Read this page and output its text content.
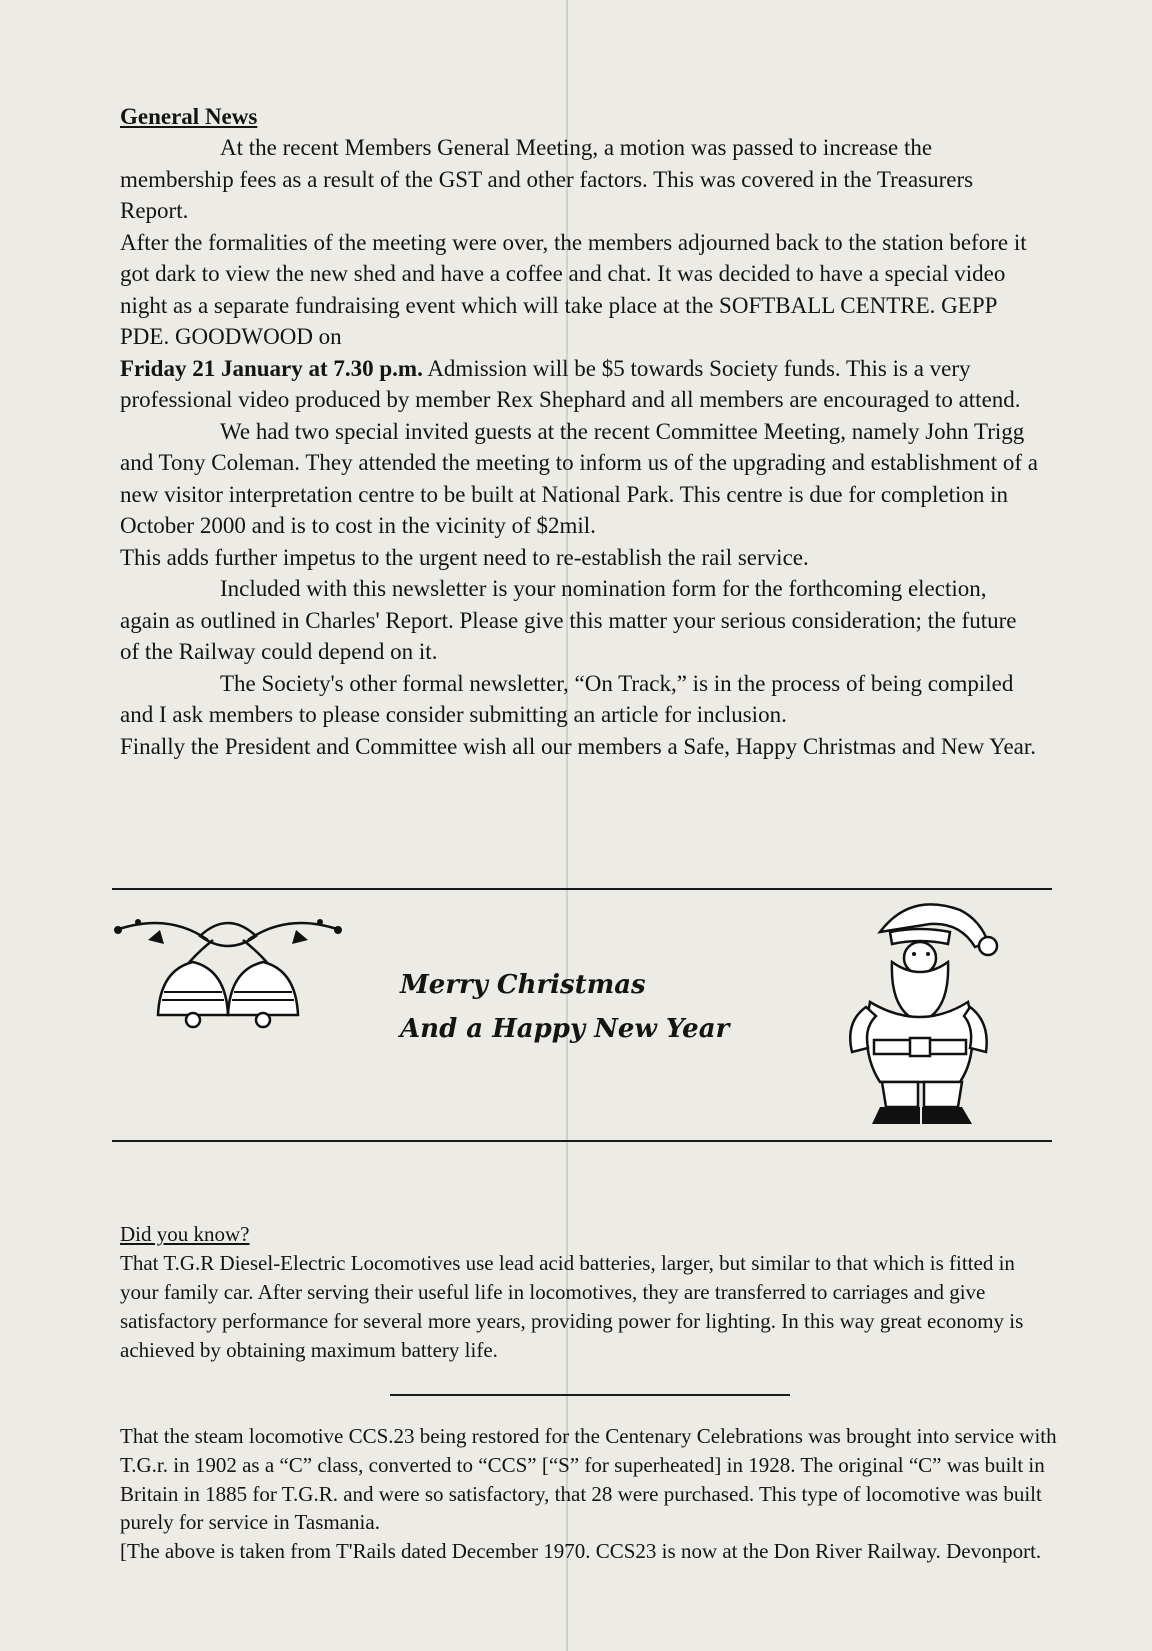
General News

At the recent Members General Meeting, a motion was passed to increase the membership fees as a result of the GST and other factors. This was covered in the Treasurers Report.

After the formalities of the meeting were over, the members adjourned back to the station before it got dark to view the new shed and have a coffee and chat. It was decided to have a special video night as a separate fundraising event which will take place at the SOFTBALL CENTRE. GEPP PDE. GOODWOOD on
Friday 21 January at 7.30 p.m. Admission will be $5 towards Society funds. This is a very professional video produced by member Rex Shephard and all members are encouraged to attend.

We had two special invited guests at the recent Committee Meeting, namely John Trigg and Tony Coleman. They attended the meeting to inform us of the upgrading and establishment of a new visitor interpretation centre to be built at National Park. This centre is due for completion in October 2000 and is to cost in the vicinity of $2mil.

This adds further impetus to the urgent need to re-establish the rail service.

Included with this newsletter is your nomination form for the forthcoming election, again as outlined in Charles' Report. Please give this matter your serious consideration; the future of the Railway could depend on it.

The Society's other formal newsletter, “On Track,” is in the process of being compiled and I ask members to please consider submitting an article for inclusion.

Finally the President and Committee wish all our members a Safe, Happy Christmas and New Year.

Merry Christmas
And a Happy New Year

Did you know?

That T.G.R Diesel-Electric Locomotives use lead acid batteries, larger, but similar to that which is fitted in your family car. After serving their useful life in locomotives, they are transferred to carriages and give satisfactory performance for several more years, providing power for lighting. In this way great economy is achieved by obtaining maximum battery life.

That the steam locomotive CCS.23 being restored for the Centenary Celebrations was brought into service with T.G.r. in 1902 as a “C” class, converted to “CCS” [“S” for superheated] in 1928. The original “C” was built in Britain in 1885 for T.G.R. and were so satisfactory, that 28 were purchased. This type of locomotive was built purely for service in Tasmania.

[The above is taken from T'Rails dated December 1970. CCS23 is now at the Don River Railway. Devonport.
